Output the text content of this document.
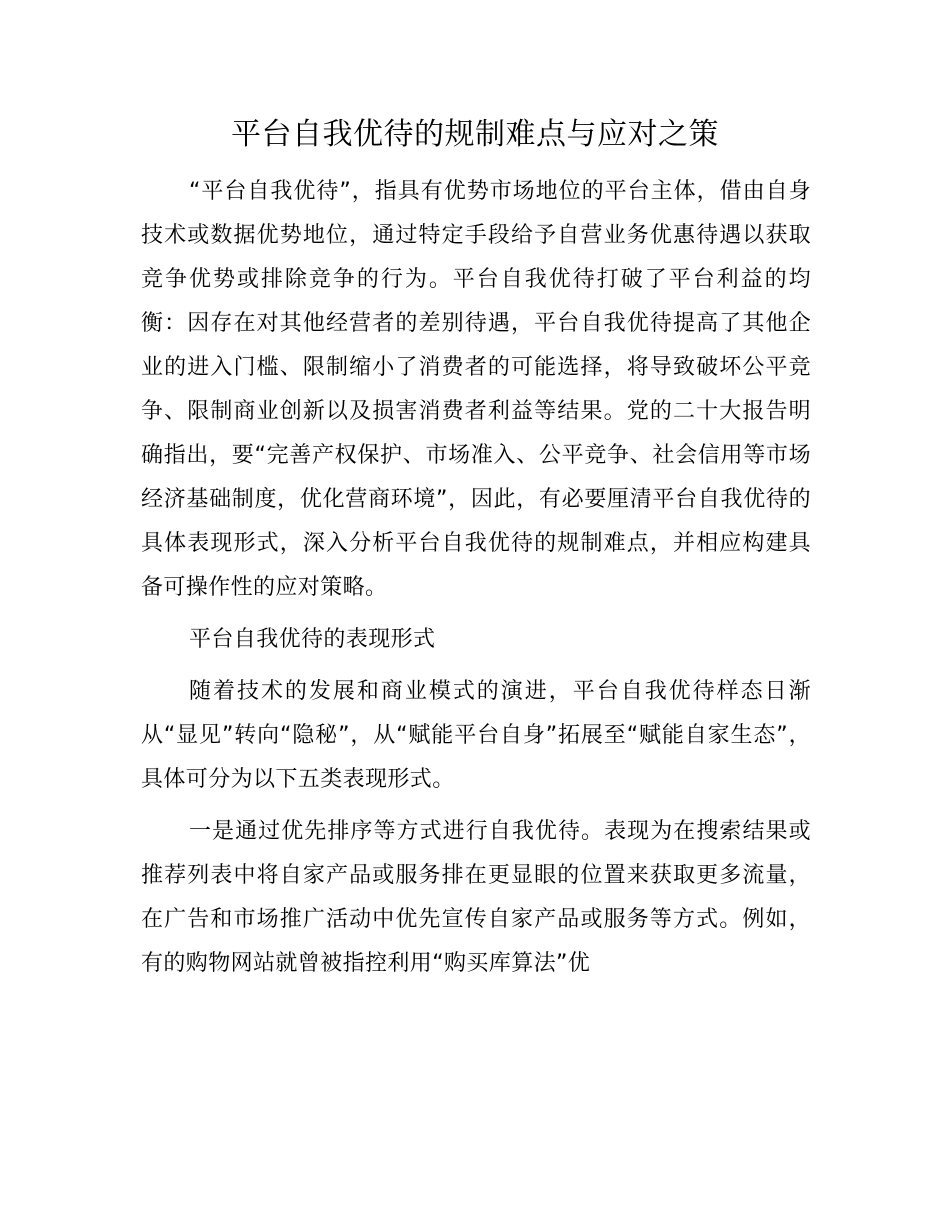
平台自我优待的规制难点与应对之策

“平台自我优待”，指具有优势市场地位的平台主体，借由自身技术或数据优势地位，通过特定手段给予自营业务优惠待遇以获取竞争优势或排除竞争的行为。平台自我优待打破了平台利益的均衡：因存在对其他经营者的差别待遇，平台自我优待提高了其他企业的进入门槛、限制缩小了消费者的可能选择，将导致破坏公平竞争、限制商业创新以及损害消费者利益等结果。党的二十大报告明确指出，要“完善产权保护、市场准入、公平竞争、社会信用等市场经济基础制度，优化营商环境”，因此，有必要厘清平台自我优待的具体表现形式，深入分析平台自我优待的规制难点，并相应构建具备可操作性的应对策略。

平台自我优待的表现形式

随着技术的发展和商业模式的演进，平台自我优待样态日渐从“显见”转向“隐秘”，从“赋能平台自身”拓展至“赋能自家生态”，具体可分为以下五类表现形式。

一是通过优先排序等方式进行自我优待。表现为在搜索结果或推荐列表中将自家产品或服务排在更显眼的位置来获取更多流量，在广告和市场推广活动中优先宣传自家产品或服务等方式。例如，有的购物网站就曾被指控利用“购买库算法”优
